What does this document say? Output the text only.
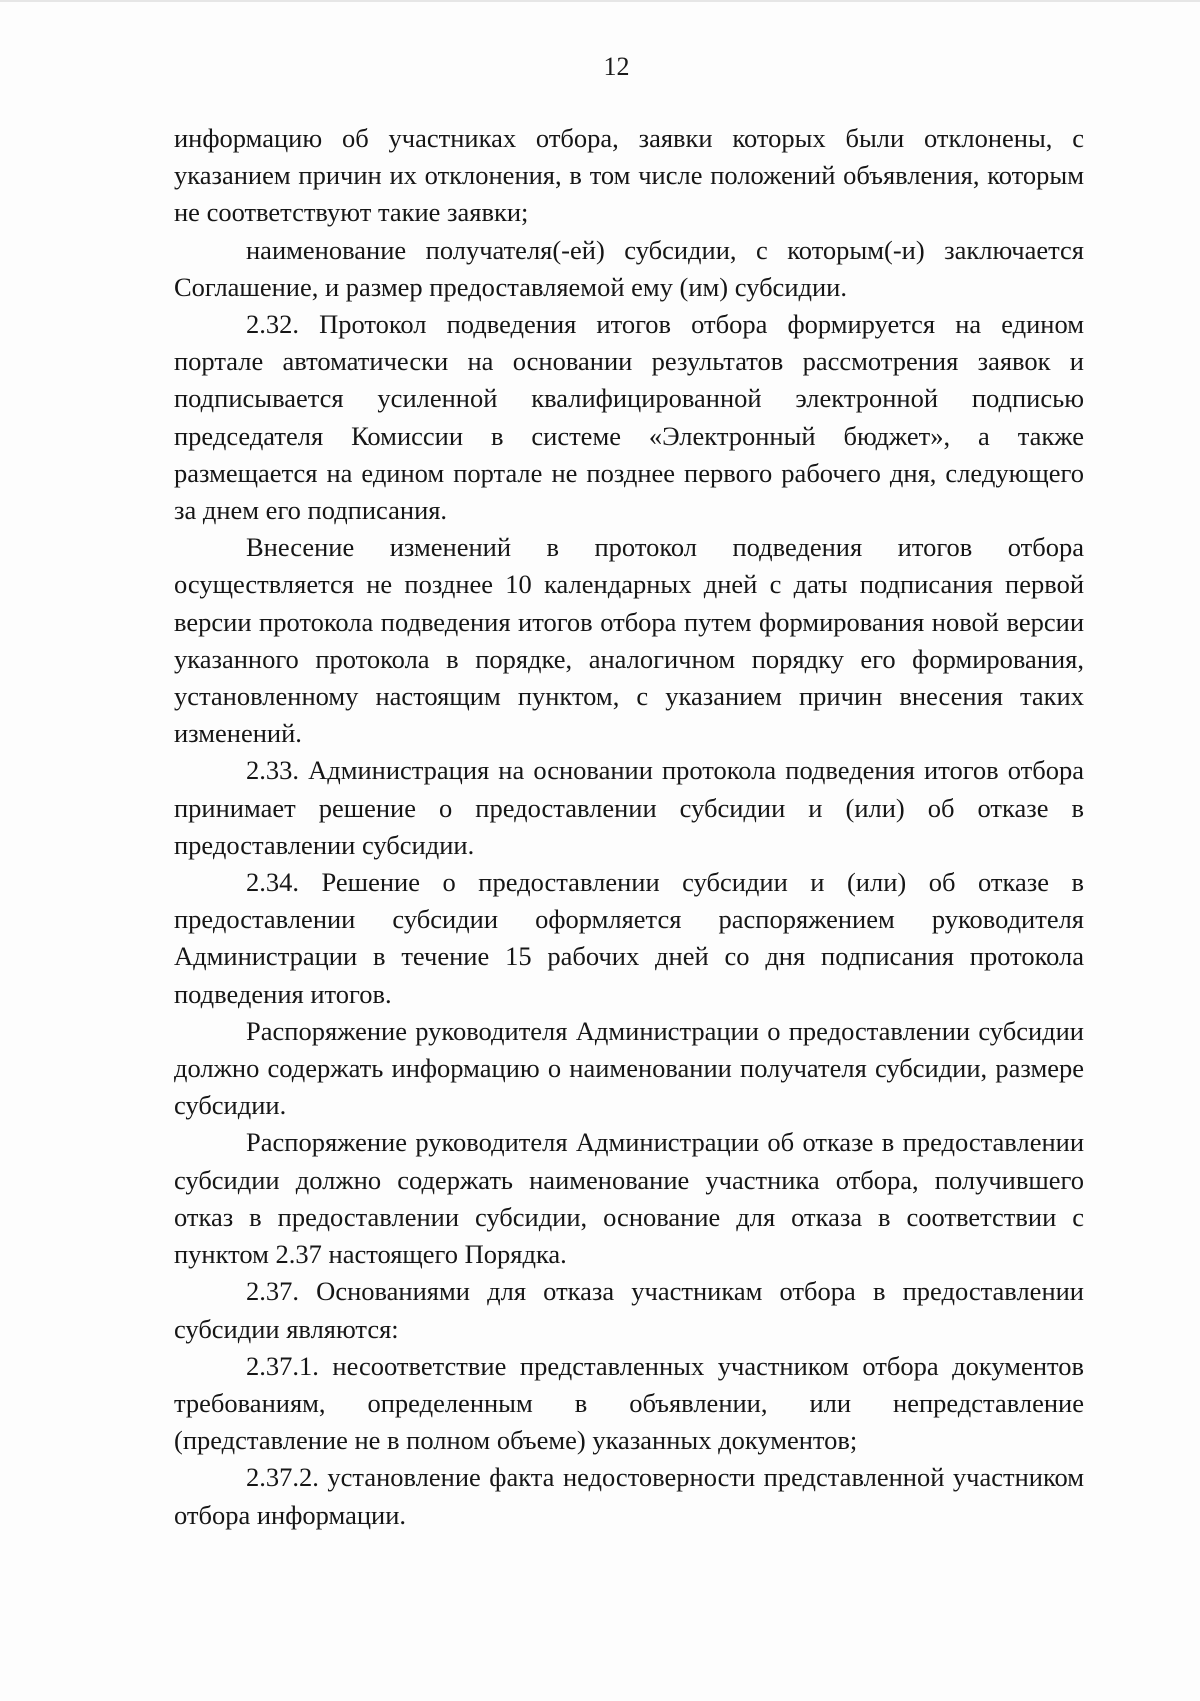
12

информацию об участниках отбора, заявки которых были отклонены, с указанием причин их отклонения, в том числе положений объявления, которым не соответствуют такие заявки;

наименование получателя(-ей) субсидии, с которым(-и) заключается Соглашение, и размер предоставляемой ему (им) субсидии.

2.32. Протокол подведения итогов отбора формируется на едином портале автоматически на основании результатов рассмотрения заявок и подписывается усиленной квалифицированной электронной подписью председателя Комиссии в системе «Электронный бюджет», а также размещается на едином портале не позднее первого рабочего дня, следующего за днем его подписания.

Внесение изменений в протокол подведения итогов отбора осуществляется не позднее 10 календарных дней с даты подписания первой версии протокола подведения итогов отбора путем формирования новой версии указанного протокола в порядке, аналогичном порядку его формирования, установленному настоящим пунктом, с указанием причин внесения таких изменений.

2.33. Администрация на основании протокола подведения итогов отбора принимает решение о предоставлении субсидии и (или) об отказе в предоставлении субсидии.

2.34. Решение о предоставлении субсидии и (или) об отказе в предоставлении субсидии оформляется распоряжением руководителя Администрации в течение 15 рабочих дней со дня подписания протокола подведения итогов.

Распоряжение руководителя Администрации о предоставлении субсидии должно содержать информацию о наименовании получателя субсидии, размере субсидии.

Распоряжение руководителя Администрации об отказе в предоставлении субсидии должно содержать наименование участника отбора, получившего отказ в предоставлении субсидии, основание для отказа в соответствии с пунктом 2.37 настоящего Порядка.

2.37. Основаниями для отказа участникам отбора в предоставлении субсидии являются:

2.37.1. несоответствие представленных участником отбора документов требованиям, определенным в объявлении, или непредставление (представление не в полном объеме) указанных документов;

2.37.2. установление факта недостоверности представленной участником отбора информации.
